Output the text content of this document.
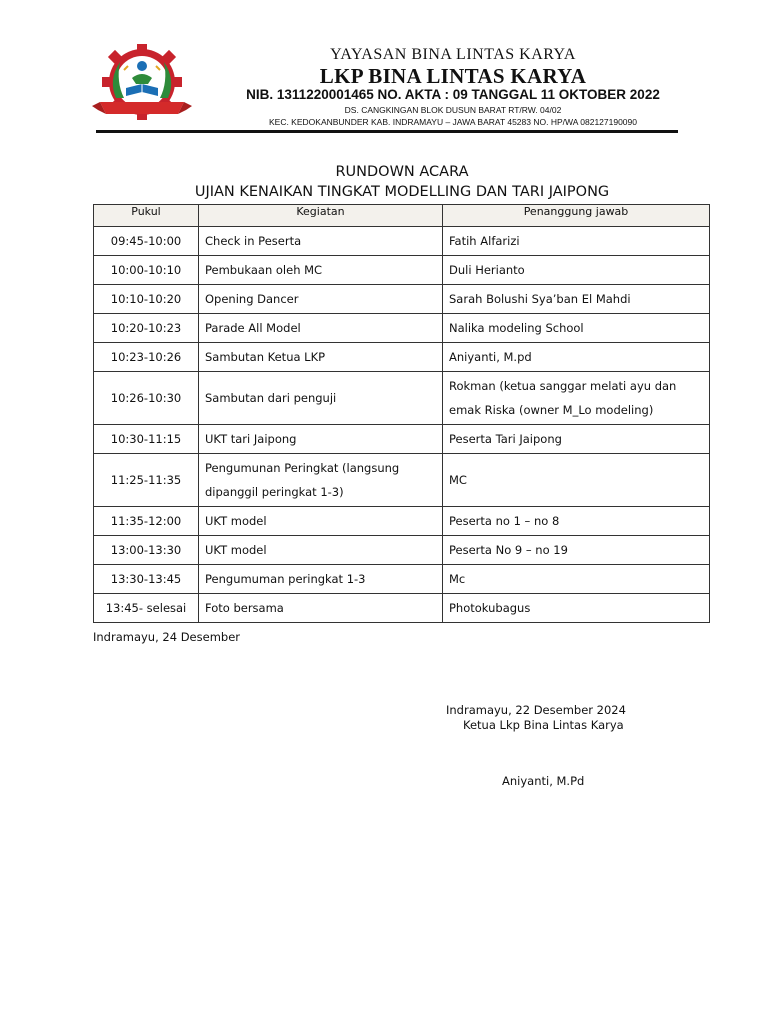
YAYASAN BINA LINTAS KARYA
LKP BINA LINTAS KARYA
NIB. 1311220001465 NO. AKTA : 09 TANGGAL 11 OKTOBER 2022
DS. CANGKINGAN BLOK DUSUN BARAT RT/RW. 04/02
KEC. KEDOKANBUNDER KAB. INDRAMAYU – JAWA BARAT 45283 NO. HP/WA 082127190090
RUNDOWN ACARA
UJIAN KENAIKAN TINGKAT MODELLING DAN TARI JAIPONG
Pukul	Kegiatan	Penanggung jawab
09:45-10:00	Check in Peserta	Fatih Alfarizi
10:00-10:10	Pembukaan oleh MC	Duli Herianto
10:10-10:20	Opening Dancer	Sarah Bolushi Sya’ban El Mahdi
10:20-10:23	Parade All Model	Nalika modeling School
10:23-10:26	Sambutan Ketua LKP	Aniyanti, M.pd
10:26-10:30	Sambutan dari penguji	Rokman (ketua sanggar melati ayu dan emak Riska (owner M_Lo modeling)
10:30-11:15	UKT tari Jaipong	Peserta Tari Jaipong
11:25-11:35	Pengumunan Peringkat (langsung dipanggil peringkat 1-3)	MC
11:35-12:00	UKT model	Peserta no 1 – no 8
13:00-13:30	UKT model	Peserta No 9 – no 19
13:30-13:45	Pengumuman peringkat 1-3	Mc
13:45- selesai	Foto bersama	Photokubagus
Indramayu, 24 Desember
Indramayu, 22 Desember 2024
Ketua Lkp Bina Lintas Karya
Aniyanti, M.Pd
